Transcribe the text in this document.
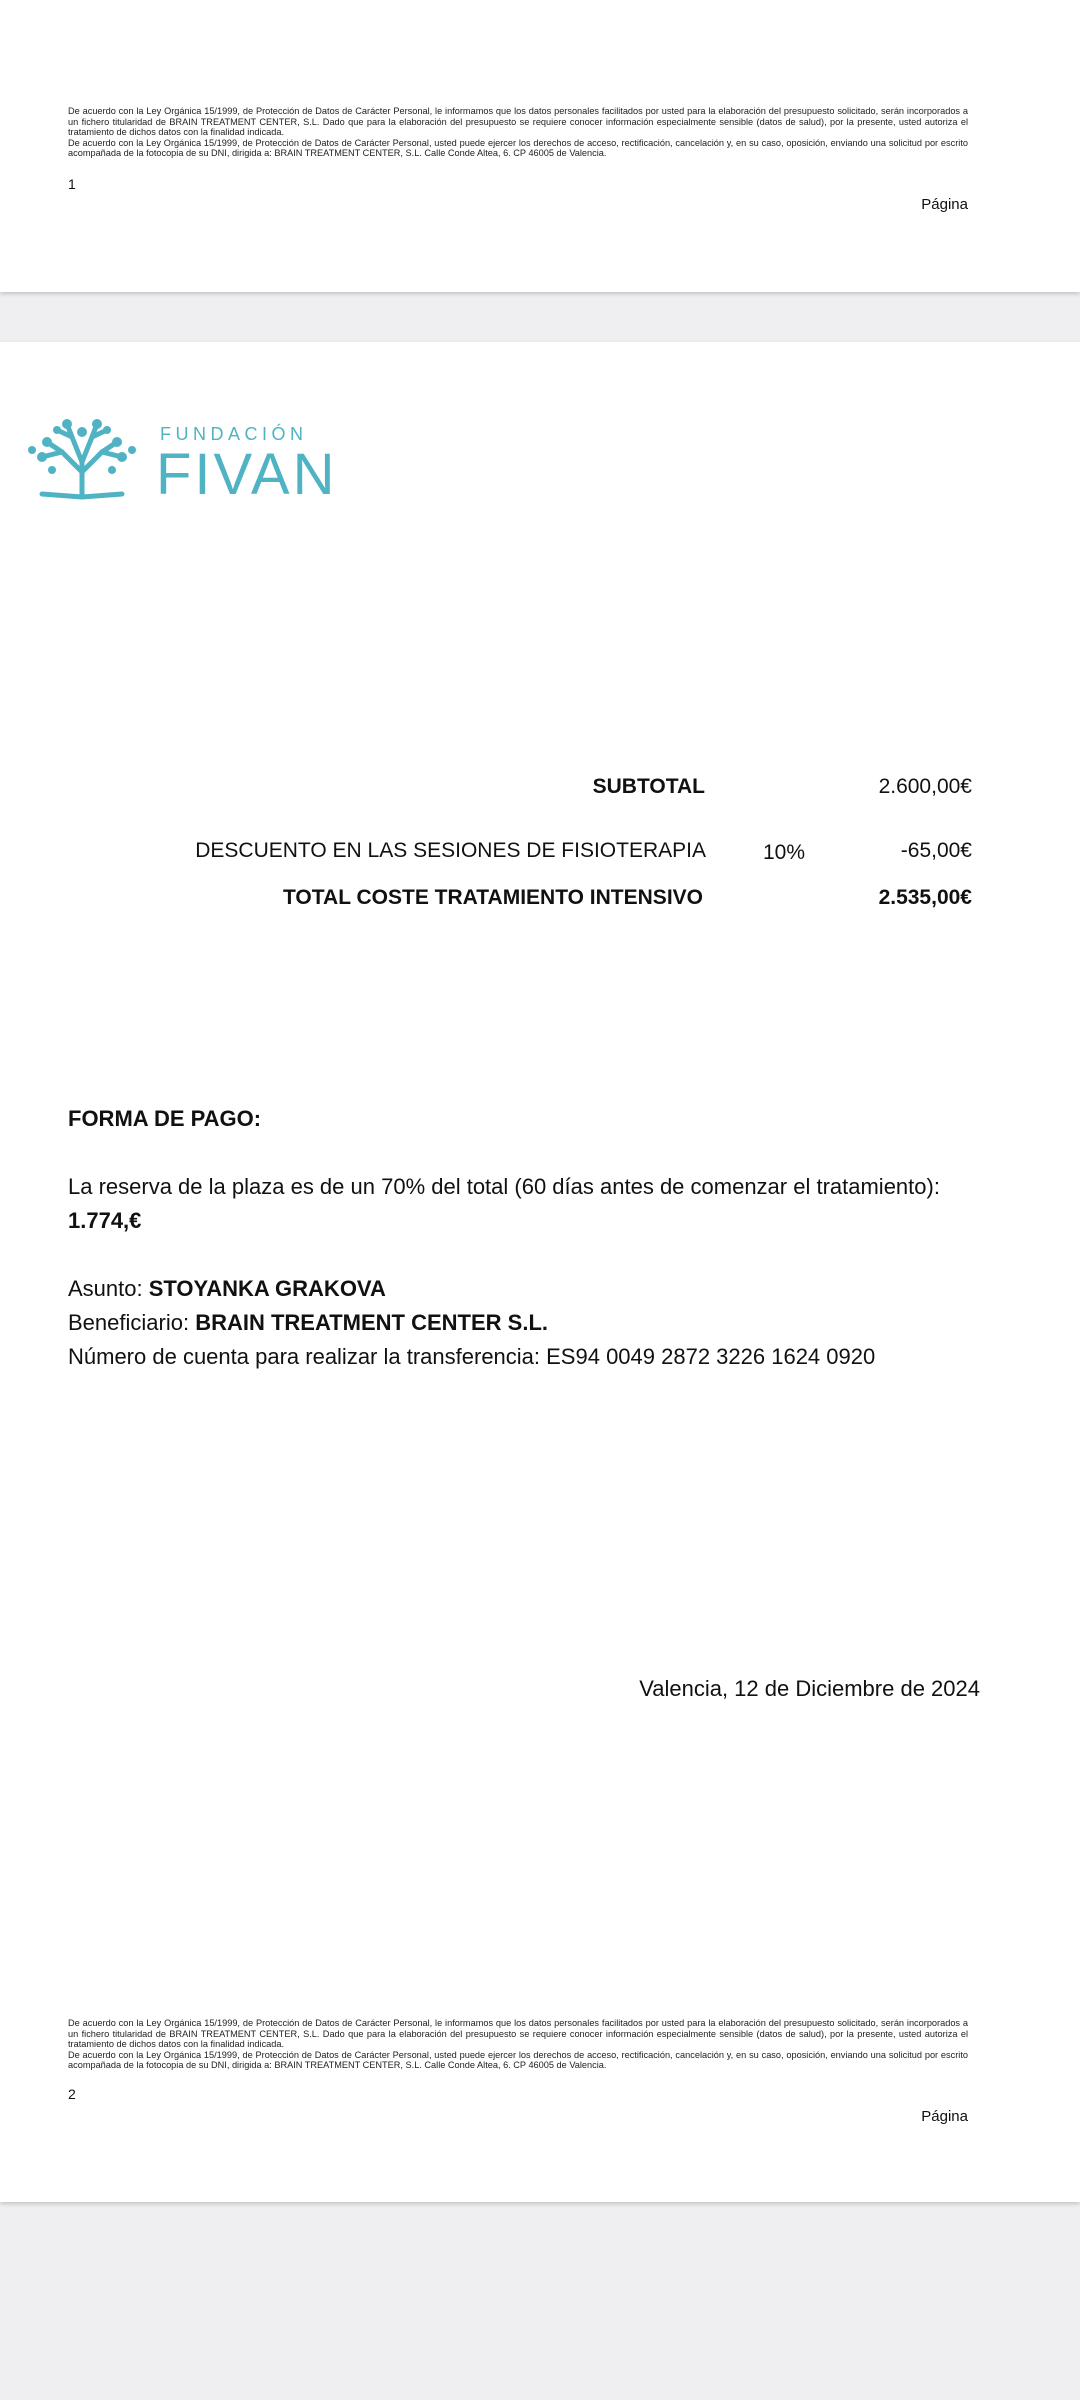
De acuerdo con la Ley Orgánica 15/1999, de Protección de Datos de Carácter Personal, le informamos que los datos personales facilitados por usted para la elaboración del presupuesto solicitado, serán incorporados a un fichero titularidad de BRAIN TREATMENT CENTER, S.L. Dado que para la elaboración del presupuesto se requiere conocer información especialmente sensible (datos de salud), por la presente, usted autoriza el tratamiento de dichos datos con la finalidad indicada.

De acuerdo con la Ley Orgánica 15/1999, de Protección de Datos de Carácter Personal, usted puede ejercer los derechos de acceso, rectificación, cancelación y, en su caso, oposición, enviando una solicitud por escrito acompañada de la fotocopia de su DNI, dirigida a: BRAIN TREATMENT CENTER, S.L. Calle Conde Altea, 6. CP 46005 de Valencia.

1
Página
FUNDACIÓN
FIVAN
SUBTOTAL	2.600,00€
DESCUENTO EN LAS SESIONES DE FISIOTERAPIA	10%	-65,00€
TOTAL COSTE TRATAMIENTO INTENSIVO	2.535,00€
FORMA DE PAGO:
La reserva de la plaza es de un 70% del total (60 días antes de comenzar el tratamiento):
1.774,€
Asunto: STOYANKA GRAKOVA
Beneficiario: BRAIN TREATMENT CENTER S.L.
Número de cuenta para realizar la transferencia: ES94 0049 2872 3226 1624 0920
Valencia, 12 de Diciembre de 2024

De acuerdo con la Ley Orgánica 15/1999, de Protección de Datos de Carácter Personal, le informamos que los datos personales facilitados por usted para la elaboración del presupuesto solicitado, serán incorporados a un fichero titularidad de BRAIN TREATMENT CENTER, S.L. Dado que para la elaboración del presupuesto se requiere conocer información especialmente sensible (datos de salud), por la presente, usted autoriza el tratamiento de dichos datos con la finalidad indicada.

De acuerdo con la Ley Orgánica 15/1999, de Protección de Datos de Carácter Personal, usted puede ejercer los derechos de acceso, rectificación, cancelación y, en su caso, oposición, enviando una solicitud por escrito acompañada de la fotocopia de su DNI, dirigida a: BRAIN TREATMENT CENTER, S.L. Calle Conde Altea, 6. CP 46005 de Valencia.

2
Página
